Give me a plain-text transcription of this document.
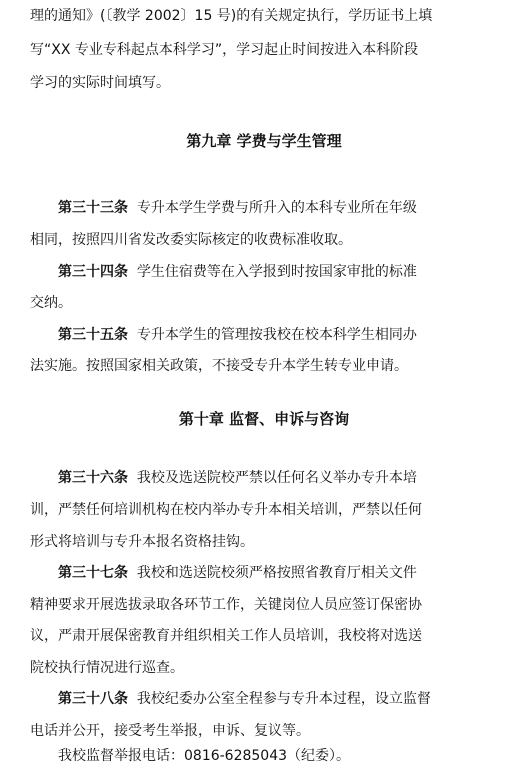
理的通知》(〔教学 2002〕15 号)的有关规定执行，学历证书上填
写“XX 专业专科起点本科学习”，学习起止时间按进入本科阶段
学习的实际时间填写。
第九章 学费与学生管理
第三十三条 专升本学生学费与所升入的本科专业所在年级
相同，按照四川省发改委实际核定的收费标准收取。
第三十四条 学生住宿费等在入学报到时按国家审批的标准
交纳。
第三十五条 专升本学生的管理按我校在校本科学生相同办
法实施。按照国家相关政策，不接受专升本学生转专业申请。
第十章 监督、申诉与咨询
第三十六条 我校及选送院校严禁以任何名义举办专升本培
训，严禁任何培训机构在校内举办专升本相关培训，严禁以任何
形式将培训与专升本报名资格挂钩。
第三十七条 我校和选送院校须严格按照省教育厅相关文件
精神要求开展选拔录取各环节工作，关键岗位人员应签订保密协
议，严肃开展保密教育并组织相关工作人员培训，我校将对选送
院校执行情况进行巡查。
第三十八条 我校纪委办公室全程参与专升本过程，设立监督
电话并公开，接受考生举报，申诉、复议等。
我校监督举报电话：0816-6285043（纪委）。
